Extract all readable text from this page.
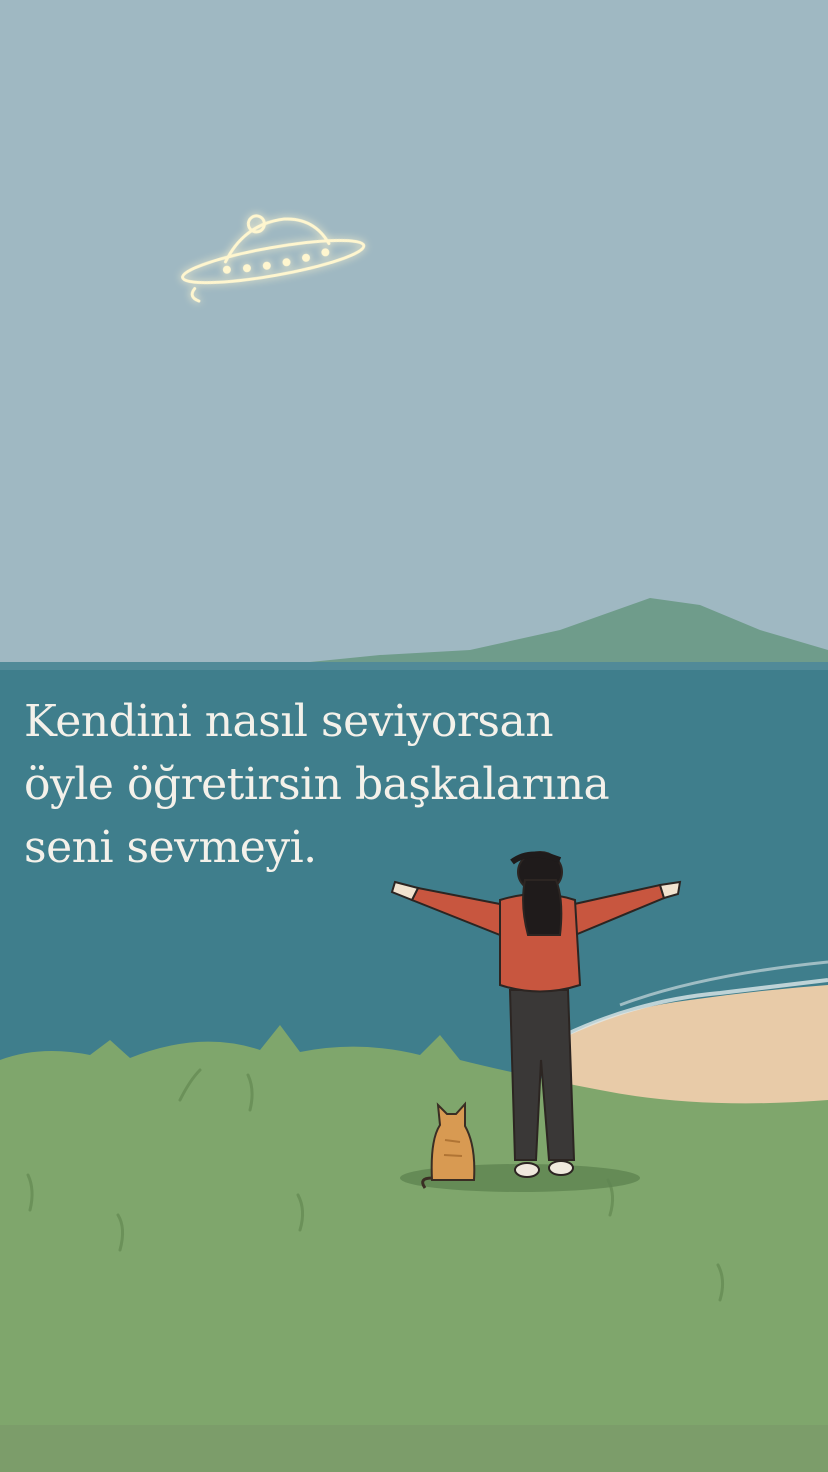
Kendini nasıl seviyorsan
öyle öğretirsin başkalarına
seni sevmeyi.
